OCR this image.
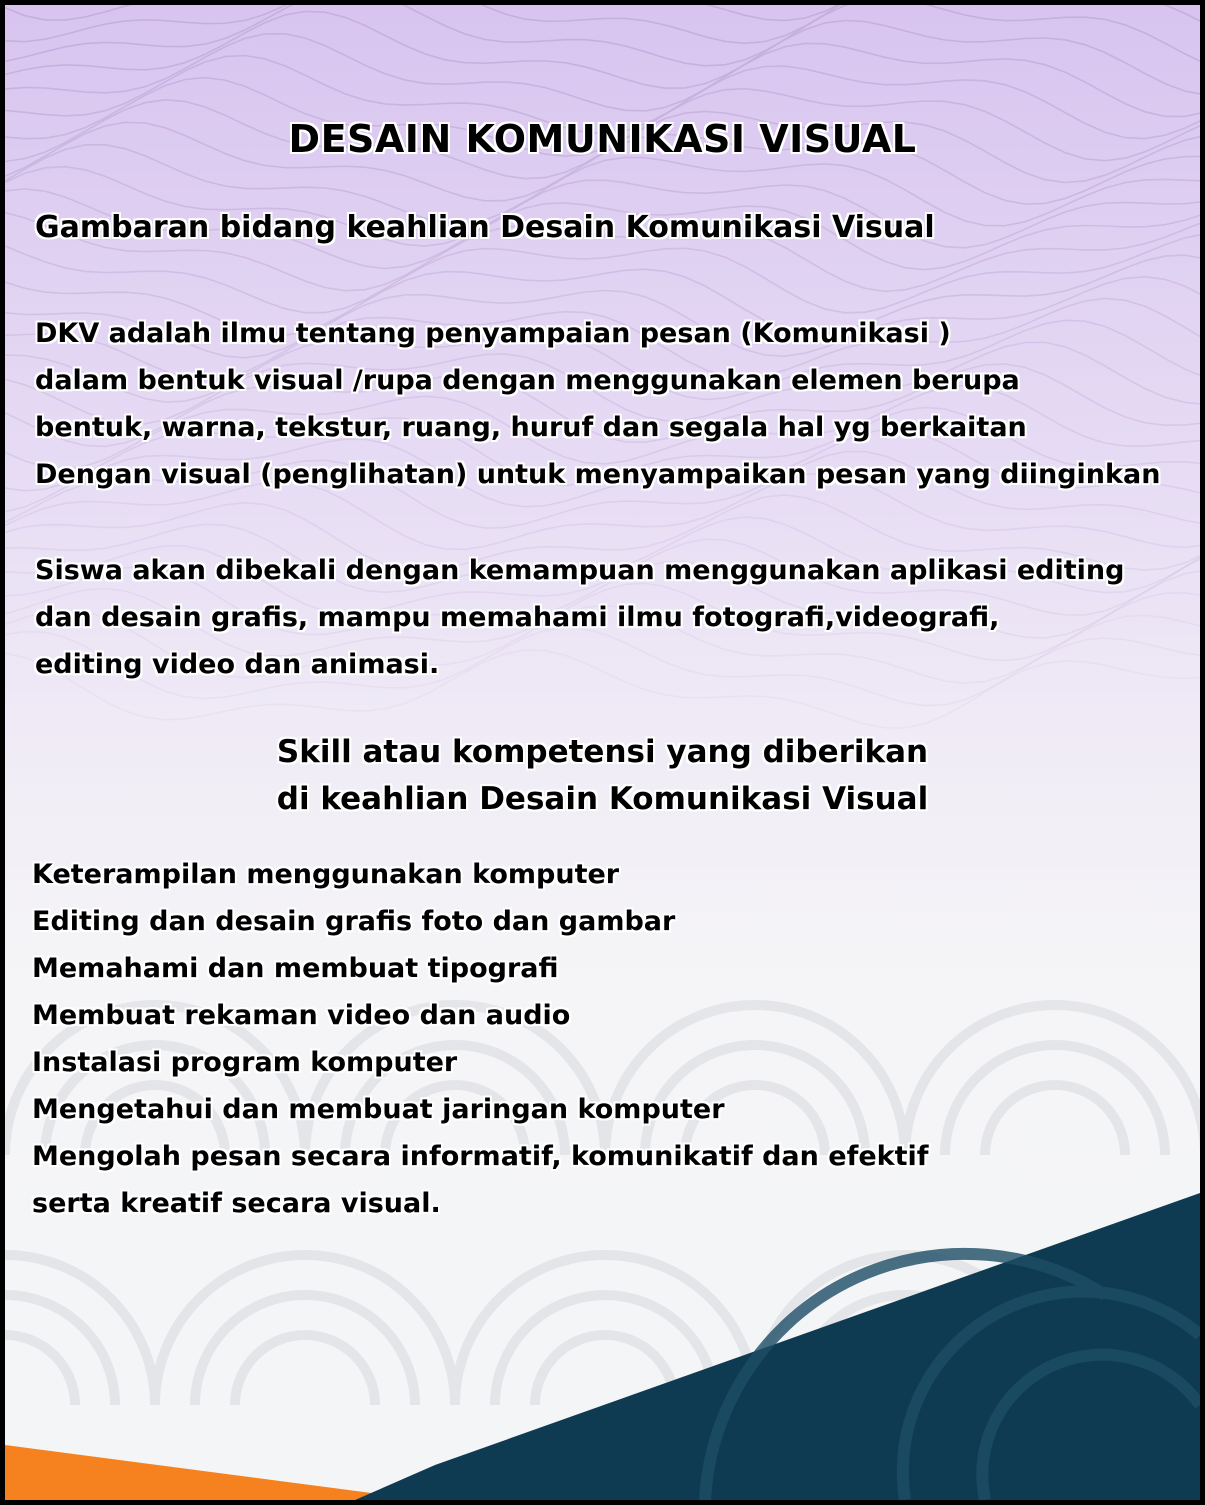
DESAIN KOMUNIKASI VISUAL
Gambaran bidang keahlian Desain Komunikasi Visual
DKV adalah ilmu tentang penyampaian pesan (Komunikasi )
dalam bentuk visual /rupa dengan menggunakan elemen berupa
bentuk, warna, tekstur, ruang, huruf dan segala hal yg berkaitan
Dengan visual (penglihatan) untuk menyampaikan pesan yang diinginkan
Siswa akan dibekali dengan kemampuan menggunakan aplikasi editing
dan desain grafis, mampu memahami ilmu fotografi,videografi,
editing video dan animasi.
Skill atau kompetensi yang diberikan
di keahlian Desain Komunikasi Visual
Keterampilan menggunakan komputer
Editing dan desain grafis foto dan gambar
Memahami dan membuat tipografi
Membuat rekaman video dan audio
Instalasi program komputer
Mengetahui dan membuat jaringan komputer
Mengolah pesan secara informatif, komunikatif dan efektif
serta kreatif secara visual.
